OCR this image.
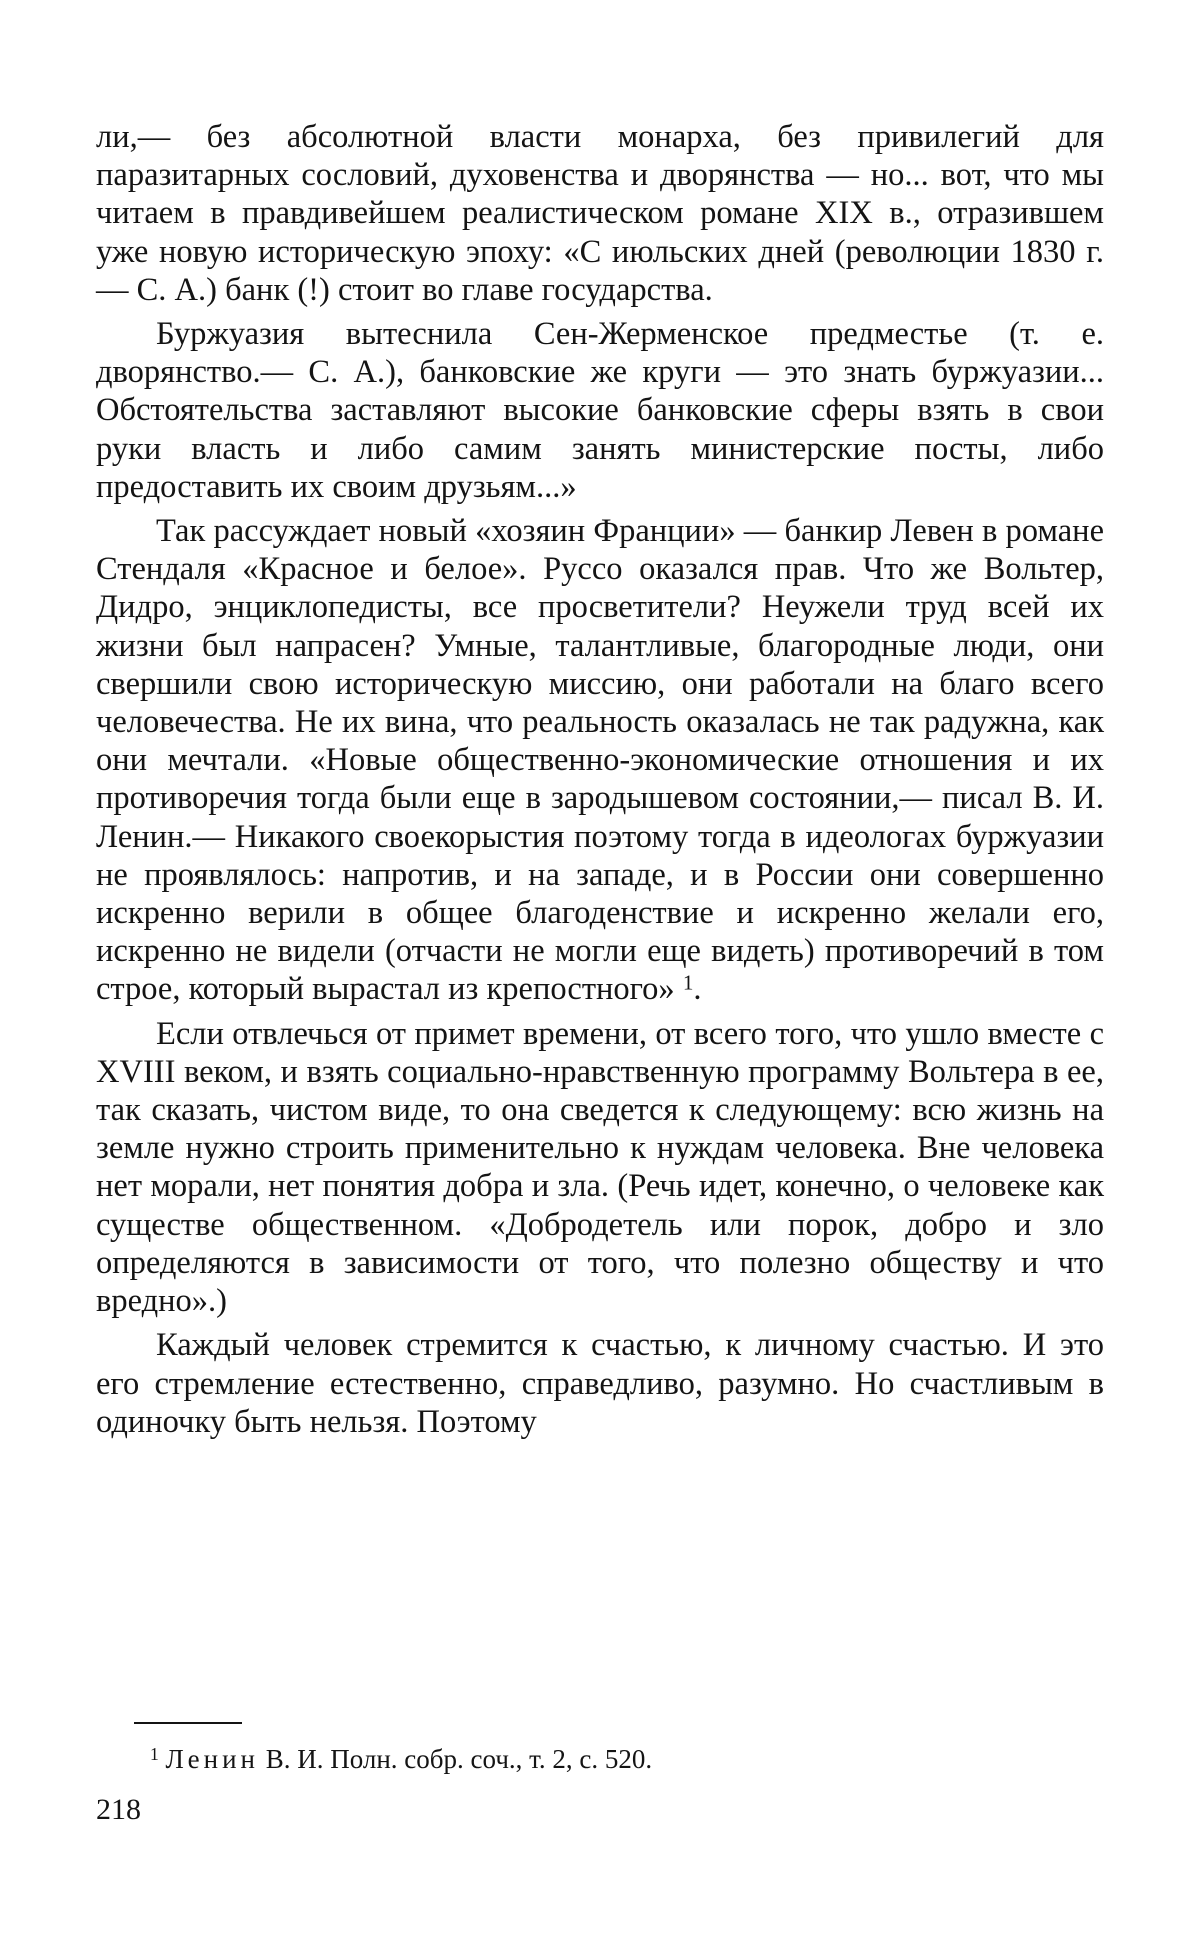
ли,— без абсолютной власти монарха, без привилегий для паразитарных сословий, духовенства и дворянства — но... вот, что мы читаем в правдивейшем реалистическом романе XIX в., отразившем уже новую историческую эпоху: «С июльских дней (революции 1830 г.— С. А.) банк (!) стоит во главе государства.

Буржуазия вытеснила Сен-Жерменское предместье (т. е. дворянство.— С. А.), банковские же круги — это знать буржуазии... Обстоятельства заставляют высокие банковские сферы взять в свои руки власть и либо самим занять министерские посты, либо предоставить их своим друзьям...»

Так рассуждает новый «хозяин Франции» — банкир Левен в романе Стендаля «Красное и белое». Руссо оказался прав. Что же Вольтер, Дидро, энциклопедисты, все просветители? Неужели труд всей их жизни был напрасен? Умные, талантливые, благородные люди, они свершили свою историческую миссию, они работали на благо всего человечества. Не их вина, что реальность оказалась не так радужна, как они мечтали. «Новые общественно-экономические отношения и их противоречия тогда были еще в зародышевом состоянии,— писал В. И. Ленин.— Никакого своекорыстия поэтому тогда в идеологах буржуазии не проявлялось: напротив, и на западе, и в России они совершенно искренно верили в общее благоденствие и искренно желали его, искренно не видели (отчасти не могли еще видеть) противоречий в том строе, который вырастал из крепостного» $^1$.

Если отвлечься от примет времени, от всего того, что ушло вместе с XVIII веком, и взять социально-нравственную программу Вольтера в ее, так сказать, чистом виде, то она сведется к следующему: всю жизнь на земле нужно строить применительно к нуждам человека. Вне человека нет морали, нет понятия добра и зла. (Речь идет, конечно, о человеке как существе общественном. «Добродетель или порок, добро и зло определяются в зависимости от того, что полезно обществу и что вредно».)

Каждый человек стремится к счастью, к личному счастью. И это его стремление естественно, справедливо, разумно. Но счастливым в одиночку быть нельзя. Поэтому

$^1$ Ленин В. И. Полн. собр. соч., т. 2, с. 520.
218
